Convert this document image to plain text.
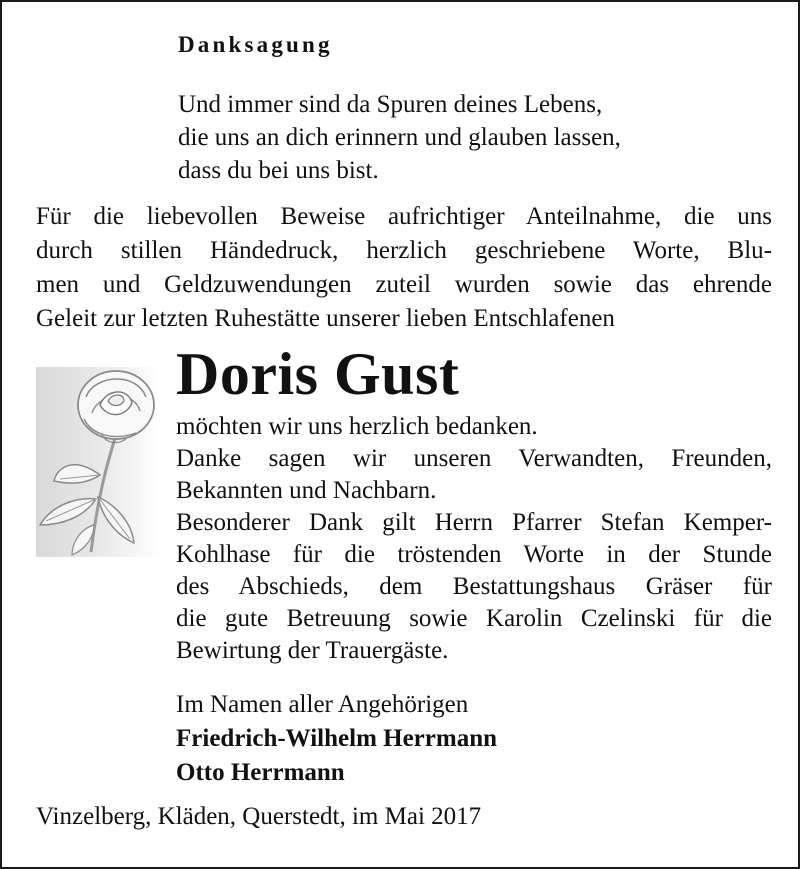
Danksagung
Und immer sind da Spuren deines Lebens,
die uns an dich erinnern und glauben lassen,
dass du bei uns bist.
Für die liebevollen Beweise aufrichtiger Anteilnahme, die uns
durch stillen Händedruck, herzlich geschriebene Worte, Blu-
men und Geldzuwendungen zuteil wurden sowie das ehrende
Geleit zur letzten Ruhestätte unserer lieben Entschlafenen
Doris Gust
möchten wir uns herzlich bedanken.
Danke sagen wir unseren Verwandten, Freunden,
Bekannten und Nachbarn.
Besonderer Dank gilt Herrn Pfarrer Stefan Kemper-
Kohlhase für die tröstenden Worte in der Stunde
des Abschieds, dem Bestattungshaus Gräser für
die gute Betreuung sowie Karolin Czelinski für die
Bewirtung der Trauergäste.
Im Namen aller Angehörigen
Friedrich-Wilhelm Herrmann
Otto Herrmann
Vinzelberg, Kläden, Querstedt, im Mai 2017
